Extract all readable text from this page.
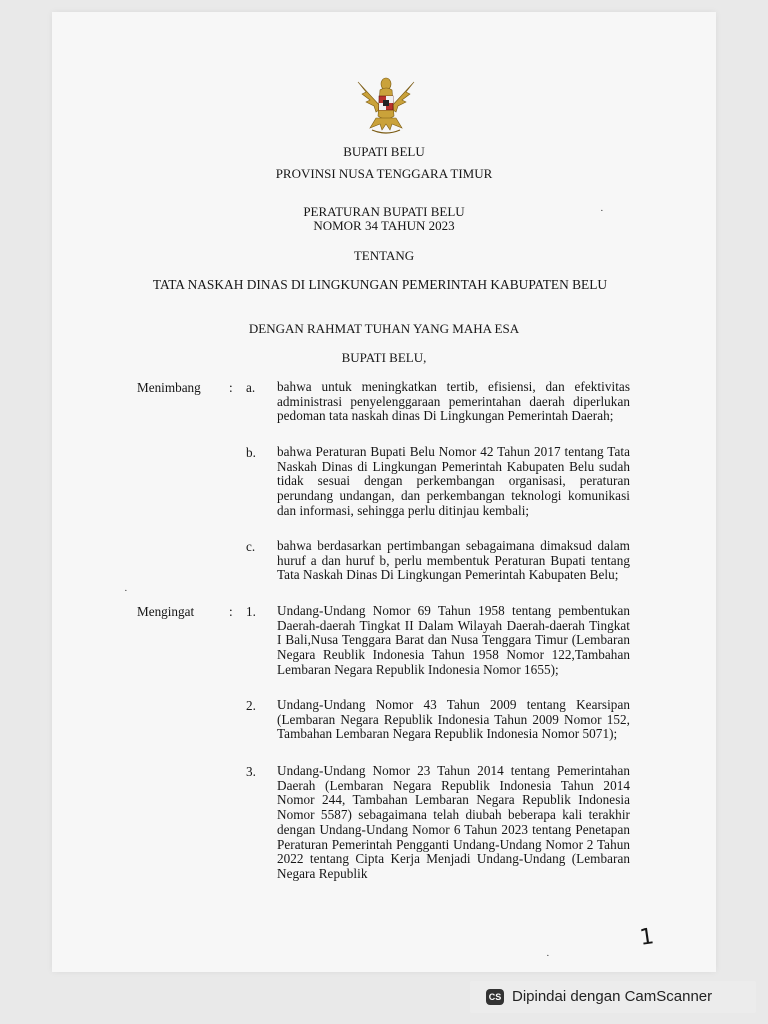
BUPATI BELU
PROVINSI NUSA TENGGARA TIMUR
PERATURAN BUPATI BELU
NOMOR 34 TAHUN 2023
TENTANG
TATA NASKAH DINAS DI LINGKUNGAN PEMERINTAH KABUPATEN BELU
DENGAN RAHMAT TUHAN YANG MAHA ESA
BUPATI BELU,
Menimbang : a. bahwa untuk meningkatkan tertib, efisiensi, dan efektivitas administrasi penyelenggaraan pemerintahan daerah diperlukan pedoman tata naskah dinas Di Lingkungan Pemerintah Daerah;
b. bahwa Peraturan Bupati Belu Nomor 42 Tahun 2017 tentang Tata Naskah Dinas di Lingkungan Pemerintah Kabupaten Belu sudah tidak sesuai dengan perkembangan organisasi, peraturan perundang undangan, dan perkembangan teknologi komunikasi dan informasi, sehingga perlu ditinjau kembali;
c. bahwa berdasarkan pertimbangan sebagaimana dimaksud dalam huruf a dan huruf b, perlu membentuk Peraturan Bupati tentang Tata Naskah Dinas Di Lingkungan Pemerintah Kabupaten Belu;
Mengingat	: 1. Undang-Undang Nomor 69 Tahun 1958 tentang pembentukan Daerah-daerah Tingkat II Dalam Wilayah Daerah-daerah Tingkat I Bali,Nusa Tenggara Barat dan Nusa Tenggara Timur (Lembaran Negara Reublik Indonesia Tahun 1958 Nomor 122,Tambahan Lembaran Negara Republik Indonesia Nomor 1655);
2. Undang-Undang Nomor 43 Tahun 2009 tentang Kearsipan (Lembaran Negara Republik Indonesia Tahun 2009 Nomor 152, Tambahan Lembaran Negara Republik Indonesia Nomor 5071);
3. Undang-Undang Nomor 23 Tahun 2014 tentang Pemerintahan Daerah (Lembaran Negara Republik Indonesia Tahun 2014 Nomor 244, Tambahan Lembaran Negara Republik Indonesia Nomor 5587) sebagaimana telah diubah beberapa kali terakhir dengan Undang-Undang Nomor 6 Tahun 2023 tentang Penetapan Peraturan Pemerintah Pengganti Undang-Undang Nomor 2 Tahun 2022 tentang Cipta Kerja Menjadi Undang-Undang (Lembaran Negara Republik
1
·
·
·
CS Dipindai dengan CamScanner
